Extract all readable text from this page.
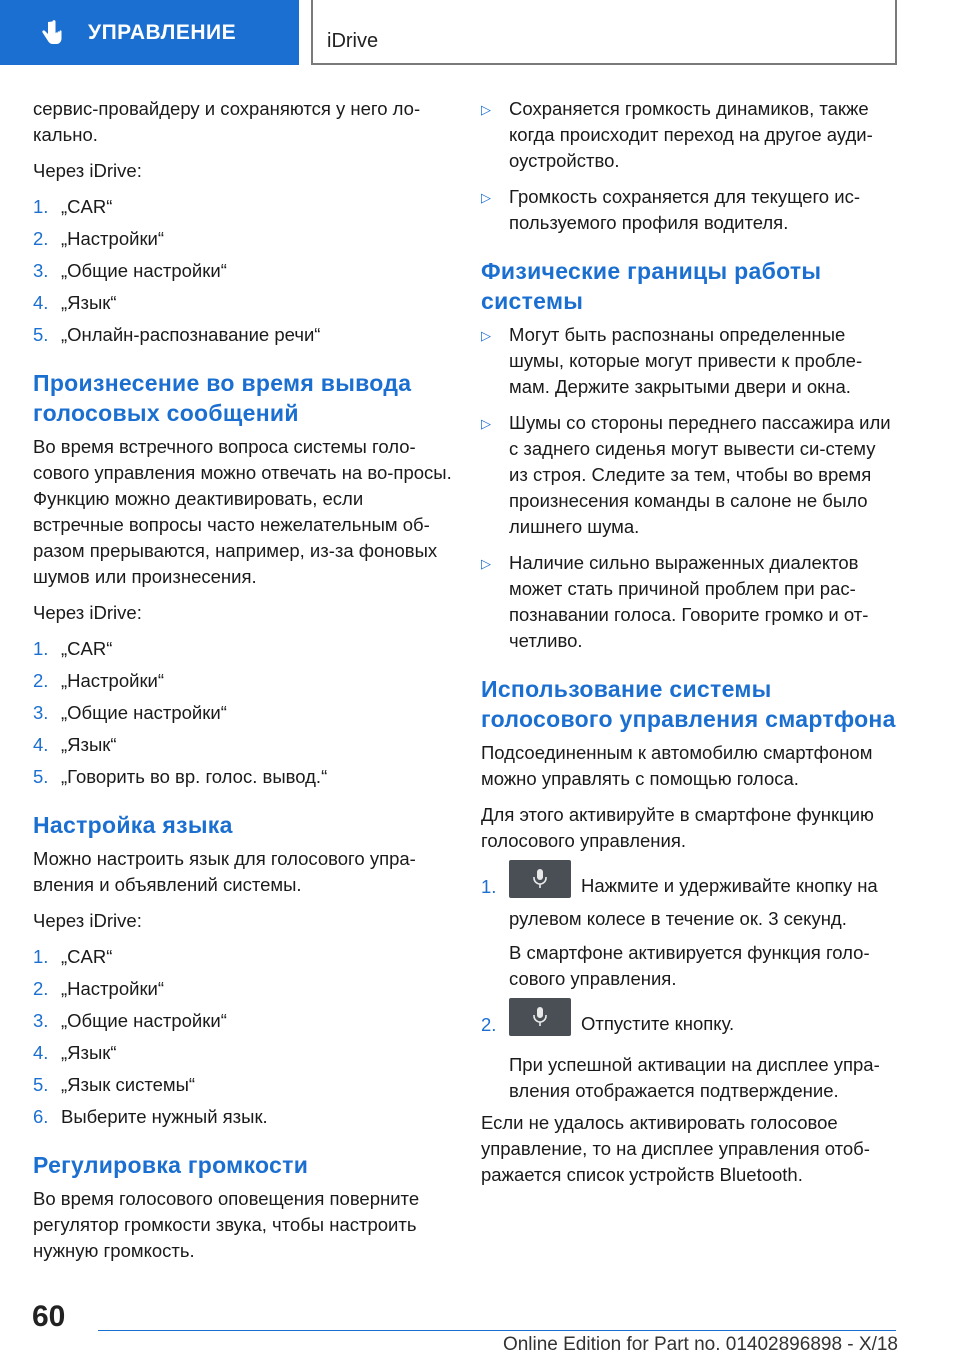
УПРАВЛЕНИЕ	iDrive

сервис-провайдеру и сохраняются у него ло-кально.

Через iDrive:

1. „CAR“
2. „Настройки“
3. „Общие настройки“
4. „Язык“
5. „Онлайн-распознавание речи“
Произнесение во время вывода голосовых сообщений

Во время встречного вопроса системы голо-сового управления можно отвечать на во-просы. Функцию можно деактивировать, если встречные вопросы часто нежелательным об-разом прерываются, например, из-за фоновых шумов или произнесения.

Через iDrive:

1. „CAR“
2. „Настройки“
3. „Общие настройки“
4. „Язык“
5. „Говорить во вр. голос. вывод.“
Настройка языка

Можно настроить язык для голосового упра-вления и объявлений системы.

Через iDrive:

1. „CAR“
2. „Настройки“
3. „Общие настройки“
4. „Язык“
5. „Язык системы“
6. Выберите нужный язык.
Регулировка громкости

Во время голосового оповещения поверните регулятор громкости звука, чтобы настроить нужную громкость.

▷ Сохраняется громкость динамиков, также когда происходит переход на другое ауди-оустройство.
▷ Громкость сохраняется для текущего ис-пользуемого профиля водителя.
Физические границы работы системы
▷ Могут быть распознаны определенные шумы, которые могут привести к пробле-мам. Держите закрытыми двери и окна.
▷ Шумы со стороны переднего пассажира или с заднего сиденья могут вывести си-стему из строя. Следите за тем, чтобы во время произнесения команды в салоне не было лишнего шума.
▷ Наличие сильно выраженных диалектов может стать причиной проблем при рас-познавании голоса. Говорите громко и от-четливо.
Использование системы голосового управления смартфона

Подсоединенным к автомобилю смартфоном можно управлять с помощью голоса.

Для этого активируйте в смартфоне функцию голосового управления.

1.	Нажмите и удерживайте кнопку на рулевом колесе в течение ок. 3 секунд.

В смартфоне активируется функция голо-сового управления.

2.	Отпустите кнопку.

При успешной активации на дисплее упра-вления отображается подтверждение.

Если не удалось активировать голосовое управление, то на дисплее управления отоб-ражается список устройств Bluetooth.

60
Online Edition for Part no. 01402896898 - X/18
